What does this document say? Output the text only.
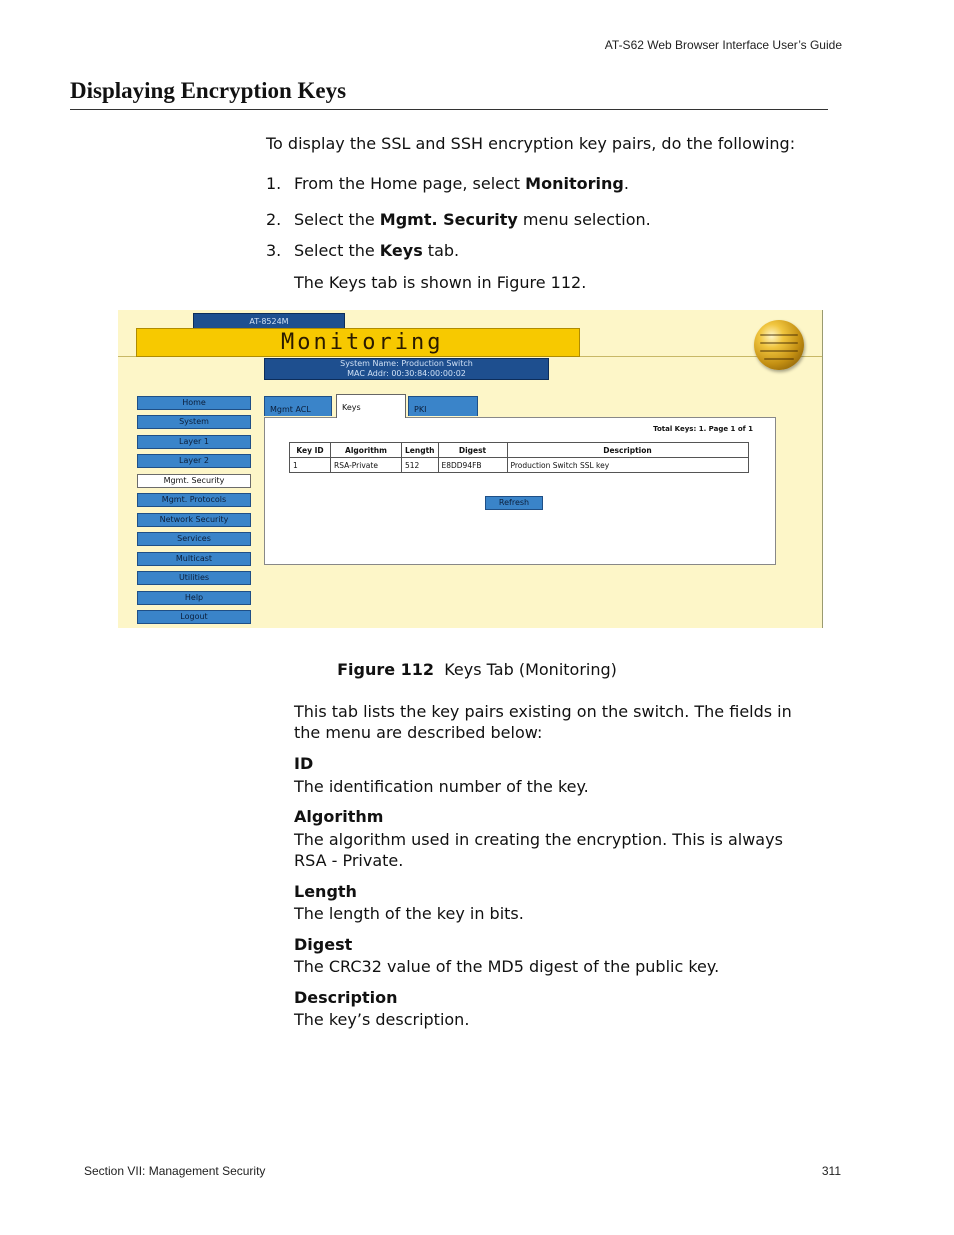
AT-S62 Web Browser Interface User’s Guide
Displaying Encryption Keys
To display the SSL and SSH encryption key pairs, do the following:
1. From the Home page, select Monitoring.
2. Select the Mgmt. Security menu selection.
3. Select the Keys tab.
The Keys tab is shown in Figure 112.
AT-8524M
Monitoring
System Name: Production Switch
MAC Addr: 00:30:84:00:00:02
Home
System
Layer 1
Layer 2
Mgmt. Security
Mgmt. Protocols
Network Security
Services
Multicast
Utilities
Help
Logout
Mgmt ACL	Keys	PKI
Total Keys: 1. Page 1 of 1
Key ID	Algorithm	Length	Digest	Description
1	RSA-Private	512	E8DD94FB	Production Switch SSL key
Refresh
Figure 112 Keys Tab (Monitoring)
This tab lists the key pairs existing on the switch. The fields in the menu are described below:
ID
The identification number of the key.
Algorithm
The algorithm used in creating the encryption. This is always RSA - Private.
Length
The length of the key in bits.
Digest
The CRC32 value of the MD5 digest of the public key.
Description
The key’s description.
Section VII: Management Security	311
